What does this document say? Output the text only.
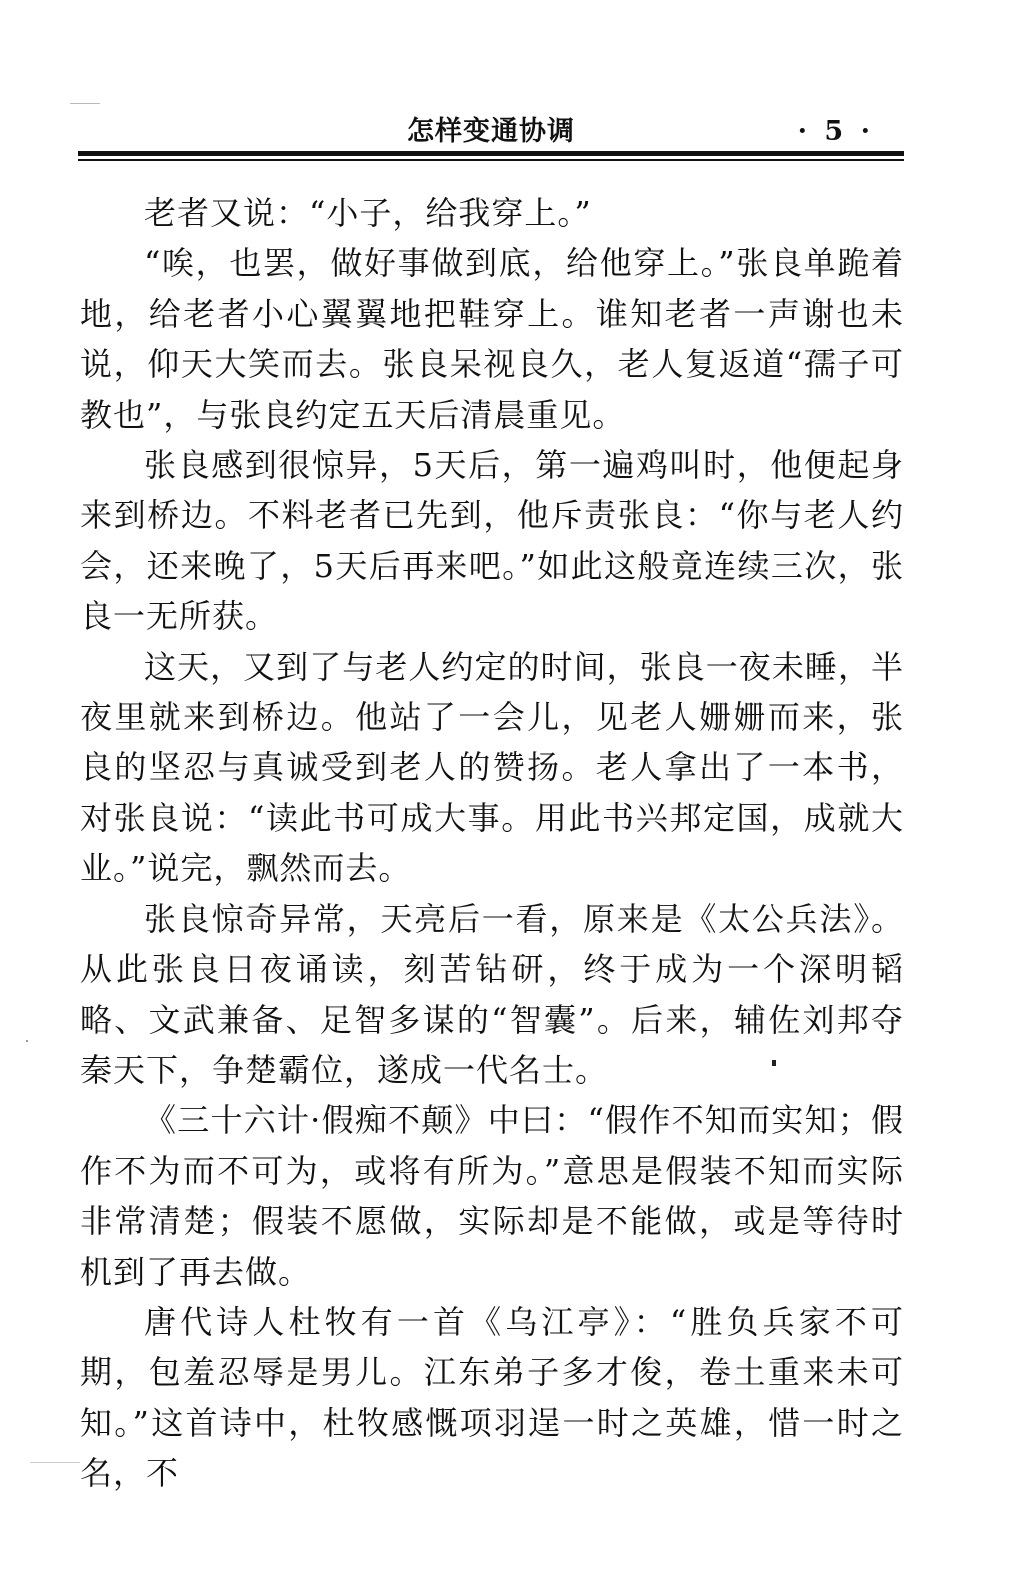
怎样变通协调	· 5 ·

老者又说：“小子，给我穿上。”

“唉，也罢，做好事做到底，给他穿上。”张良单跪着地，给老者小心翼翼地把鞋穿上。谁知老者一声谢也未说，仰天大笑而去。张良呆视良久，老人复返道“孺子可教也”，与张良约定五天后清晨重见。

张良感到很惊异，5天后，第一遍鸡叫时，他便起身来到桥边。不料老者已先到，他斥责张良：“你与老人约会，还来晚了，5天后再来吧。”如此这般竟连续三次，张良一无所获。

这天，又到了与老人约定的时间，张良一夜未睡，半夜里就来到桥边。他站了一会儿，见老人姗姗而来，张良的坚忍与真诚受到老人的赞扬。老人拿出了一本书，对张良说：“读此书可成大事。用此书兴邦定国，成就大业。”说完，飘然而去。

张良惊奇异常，天亮后一看，原来是《太公兵法》。从此张良日夜诵读，刻苦钻研，终于成为一个深明韬略、文武兼备、足智多谋的“智囊”。后来，辅佐刘邦夺秦天下，争楚霸位，遂成一代名士。

《三十六计·假痴不颠》中曰：“假作不知而实知；假作不为而不可为，或将有所为。”意思是假装不知而实际非常清楚；假装不愿做，实际却是不能做，或是等待时机到了再去做。

唐代诗人杜牧有一首《乌江亭》：“胜负兵家不可期，包羞忍辱是男儿。江东弟子多才俊，卷土重来未可知。”这首诗中，杜牧感慨项羽逞一时之英雄，惜一时之名，不
